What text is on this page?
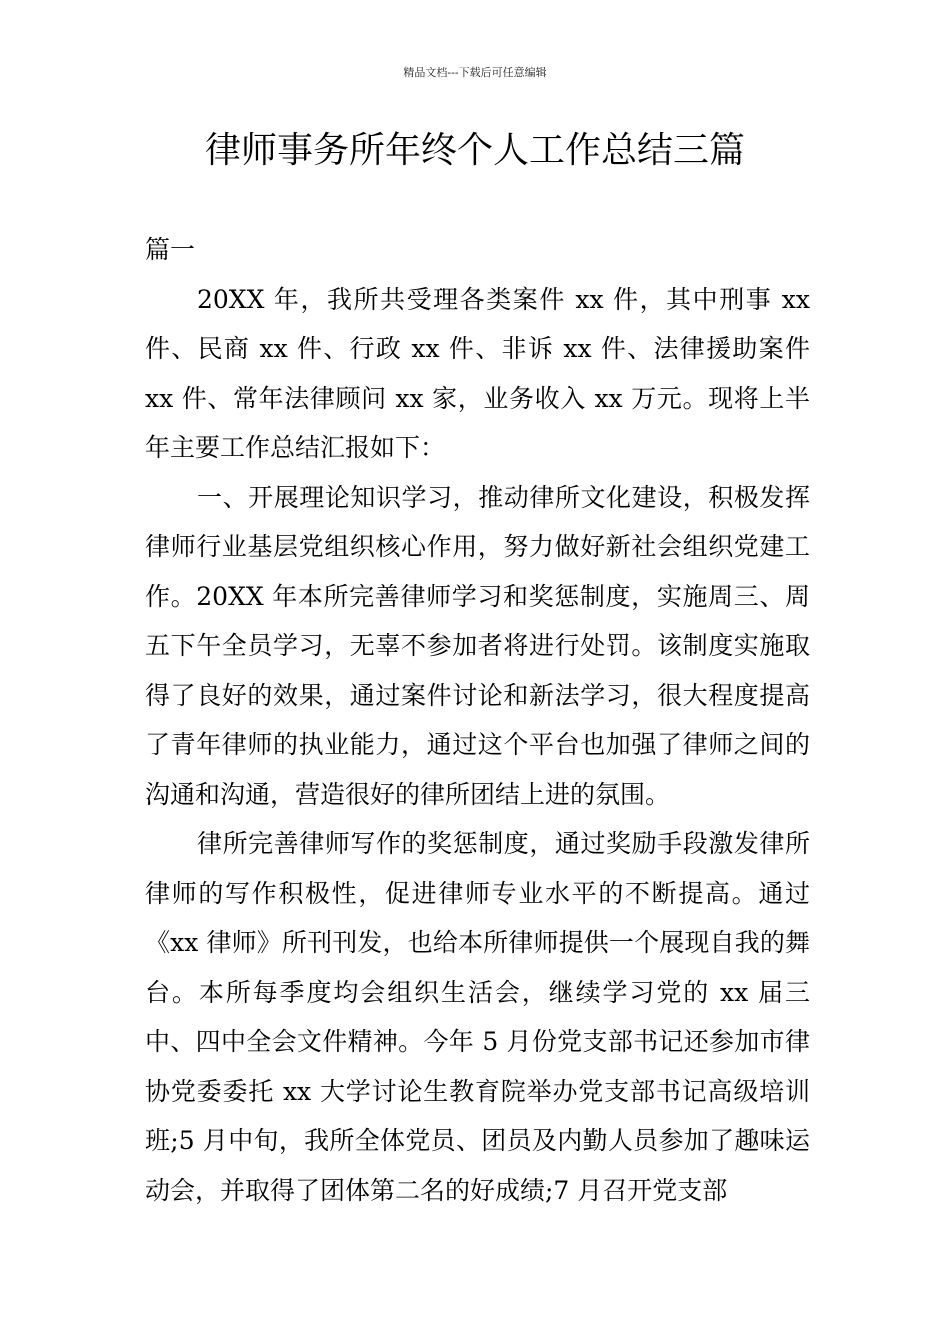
精品文档---下载后可任意编辑
律师事务所年终个人工作总结三篇

篇一

20XX 年，我所共受理各类案件 xx 件，其中刑事 xx 件、民商 xx 件、行政 xx 件、非诉 xx 件、法律援助案件 xx 件、常年法律顾问 xx 家，业务收入 xx 万元。现将上半年主要工作总结汇报如下：

一、开展理论知识学习，推动律所文化建设，积极发挥律师行业基层党组织核心作用，努力做好新社会组织党建工作。20XX 年本所完善律师学习和奖惩制度，实施周三、周五下午全员学习，无辜不参加者将进行处罚。该制度实施取得了良好的效果，通过案件讨论和新法学习，很大程度提高了青年律师的执业能力，通过这个平台也加强了律师之间的沟通和沟通，营造很好的律所团结上进的氛围。

律所完善律师写作的奖惩制度，通过奖励手段激发律所律师的写作积极性，促进律师专业水平的不断提高。通过《xx 律师》所刊刊发，也给本所律师提供一个展现自我的舞台。本所每季度均会组织生活会，继续学习党的 xx 届三中、四中全会文件精神。今年 5 月份党支部书记还参加市律协党委委托 xx 大学讨论生教育院举办党支部书记高级培训班;5 月中旬，我所全体党员、团员及内勤人员参加了趣味运动会，并取得了团体第二名的好成绩;7 月召开党支部
